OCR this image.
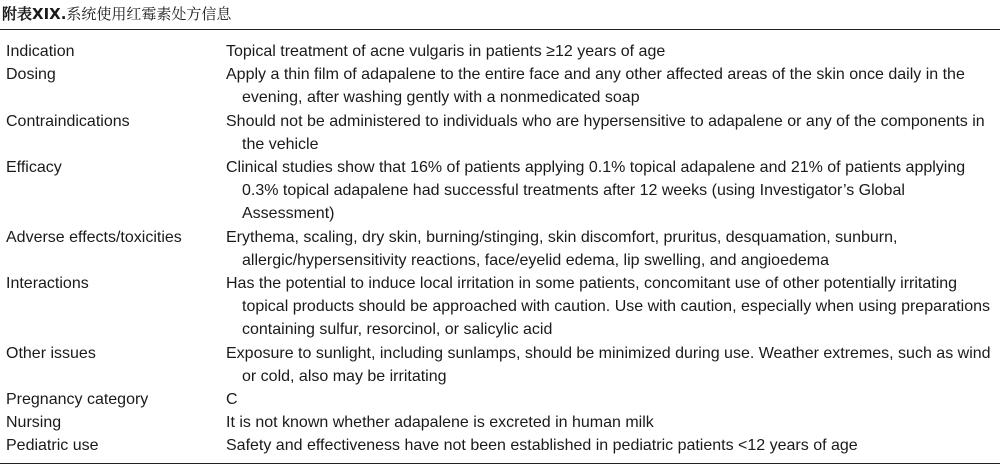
附表XIX.系统使用红霉素处方信息
Indication	Topical treatment of acne vulgaris in patients ≥12 years of age
Dosing	Apply a thin film of adapalene to the entire face and any other affected areas of the skin once daily in the evening, after washing gently with a nonmedicated soap
Contraindications	Should not be administered to individuals who are hypersensitive to adapalene or any of the components in the vehicle
Efficacy	Clinical studies show that 16% of patients applying 0.1% topical adapalene and 21% of patients applying 0.3% topical adapalene had successful treatments after 12 weeks (using Investigator’s Global Assessment)
Adverse effects/toxicities	Erythema, scaling, dry skin, burning/stinging, skin discomfort, pruritus, desquamation, sunburn, allergic/hypersensitivity reactions, face/eyelid edema, lip swelling, and angioedema
Interactions	Has the potential to induce local irritation in some patients, concomitant use of other potentially irritating topical products should be approached with caution. Use with caution, especially when using preparations containing sulfur, resorcinol, or salicylic acid
Other issues	Exposure to sunlight, including sunlamps, should be minimized during use. Weather extremes, such as wind or cold, also may be irritating
Pregnancy category	C
Nursing	It is not known whether adapalene is excreted in human milk
Pediatric use	Safety and effectiveness have not been established in pediatric patients <12 years of age
